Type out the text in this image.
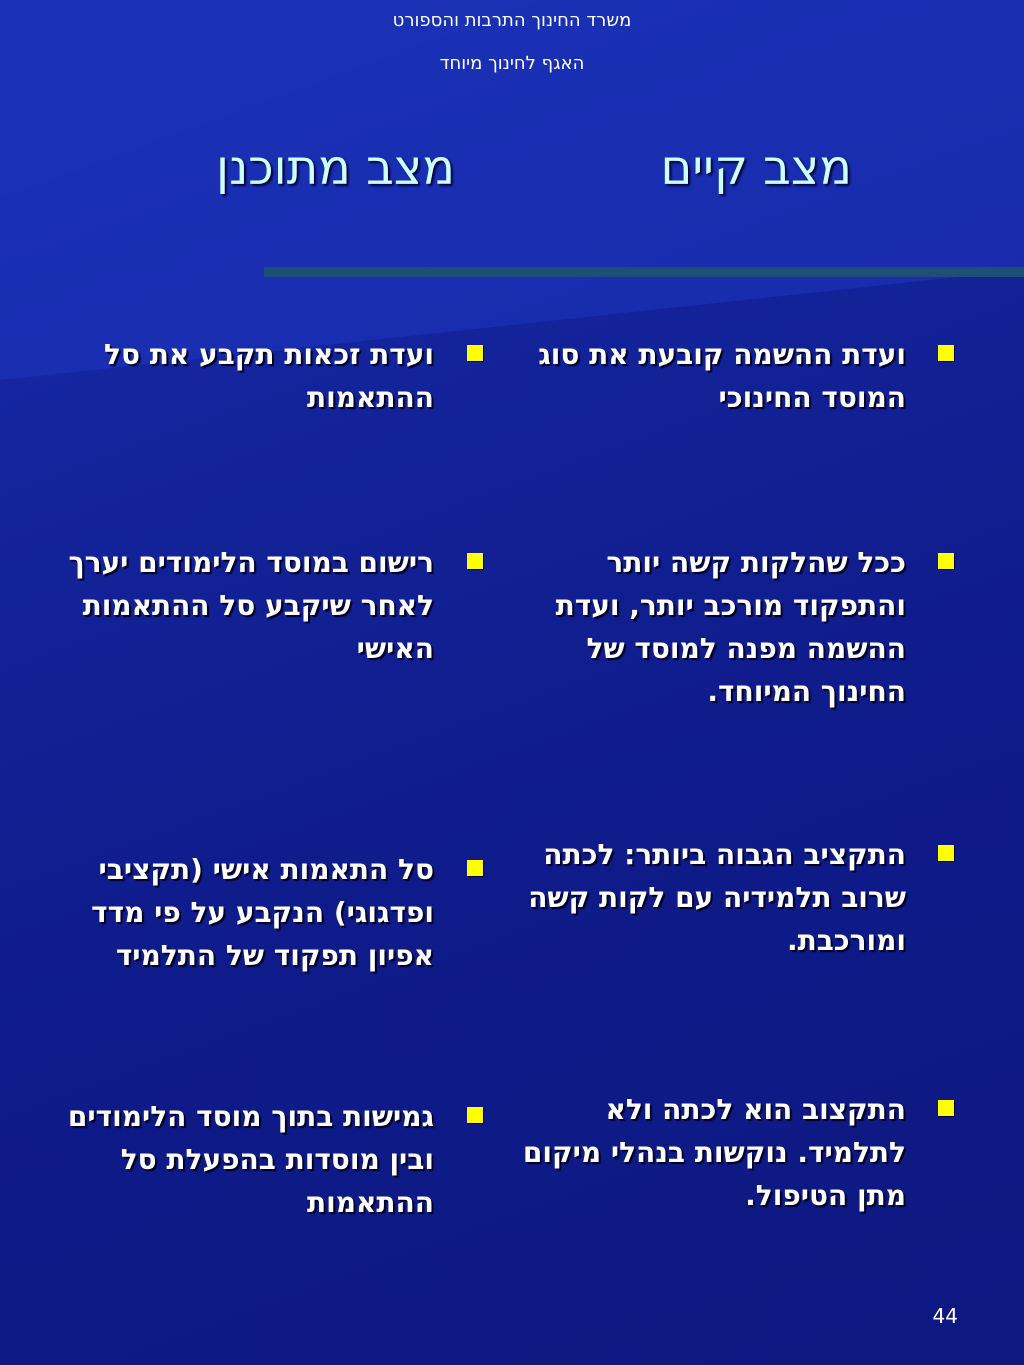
משרד החינוך התרבות והספורט
האגף לחינוך מיוחד
מצב קיים
מצב מתוכנן
ועדת ההשמה קובעת את סוג המוסד החינוכי
ככל שהלקות קשה יותר והתפקוד מורכב יותר, ועדת ההשמה מפנה למוסד של החינוך המיוחד.
התקציב הגבוה ביותר: לכתה שרוב תלמידיה עם לקות קשה ומורכבת.
התקצוב הוא לכתה ולא לתלמיד. נוקשות בנהלי מיקום מתן הטיפול.
ועדת זכאות תקבע את סל ההתאמות
רישום במוסד הלימודים יערך לאחר שיקבע סל ההתאמות האישי
סל התאמות אישי (תקציבי ופדגוגי) הנקבע על פי מדד אפיון תפקוד של התלמיד
גמישות בתוך מוסד הלימודים ובין מוסדות בהפעלת סל ההתאמות
44
